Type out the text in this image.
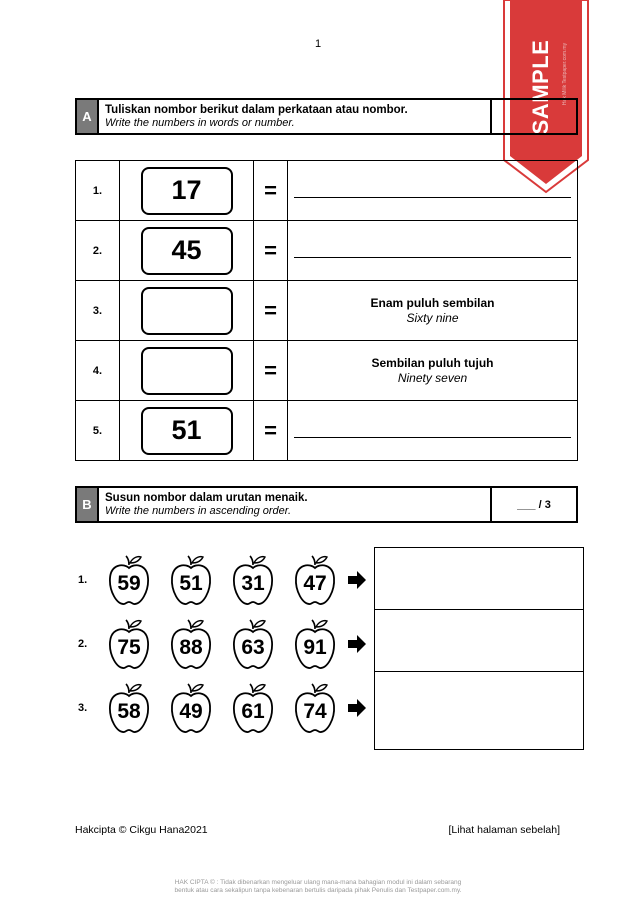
1	SAMPLE	Hak Milik Testpaper.com.my
A	Tuliskan nombor berikut dalam perkataan atau nombor.
Write the numbers in words or number.
1.	17	=	

2.	45	=	

3.		=	Enam puluh sembilan
Sixty nine

4.		=	Sembilan puluh tujuh
Ninety seven

5.	51	=	
B	Susun nombor dalam urutan menaik.
Write the numbers in ascending order.
___ / 3
1.	59	51	31	47
2.	75	88	63	91
3.	58	49	61	74
Hakcipta © Cikgu Hana2021	[Lihat halaman sebelah]
HAK CIPTA © : Tidak dibenarkan mengeluar ulang mana-mana bahagian modul ini dalam sebarang
bentuk atau cara sekalipun tanpa kebenaran bertulis daripada pihak Penulis dan Testpaper.com.my.
